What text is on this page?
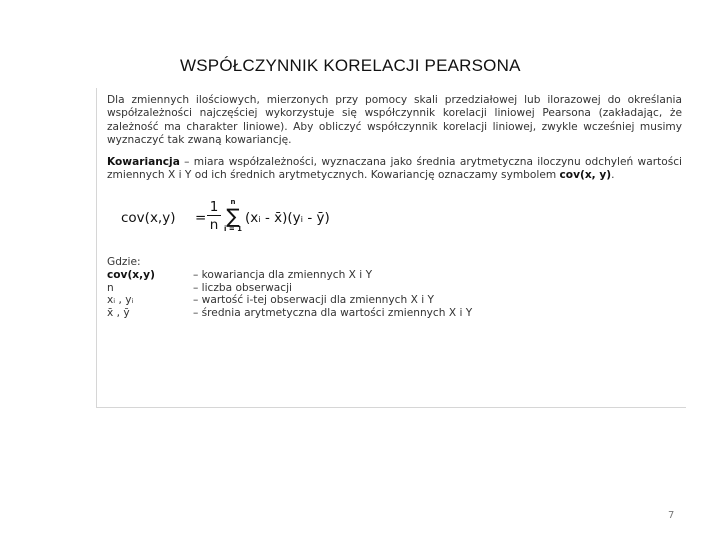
WSPÓŁCZYNNIK KORELACJI PEARSONA

Dla zmiennych ilościowych, mierzonych przy pomocy skali przedziałowej lub ilorazowej do określania współzależności najczęściej wykorzystuje się współczynnik korelacji liniowej Pearsona (zakładając, że zależność ma charakter liniowe). Aby obliczyć współczynnik korelacji liniowej, zwykle wcześniej musimy wyznaczyć tak zwaną kowariancję.

Kowariancja – miara współzależności, wyznaczana jako średnia arytmetyczna iloczynu odchyleń wartości zmiennych X i Y od ich średnich arytmetycznych. Kowariancję oznaczamy symbolem cov(x, y).

cov(x,y) =
1
n
n
∑
i = 1
(xᵢ - x̄)(yᵢ - ȳ)
Gdzie:
cov(x,y)	– kowariancja dla zmiennych X i Y
n	– liczba obserwacji
xᵢ , yᵢ	– wartość i-tej obserwacji dla zmiennych X i Y
x̄ , ȳ	– średnia arytmetyczna dla wartości zmiennych X i Y
7
